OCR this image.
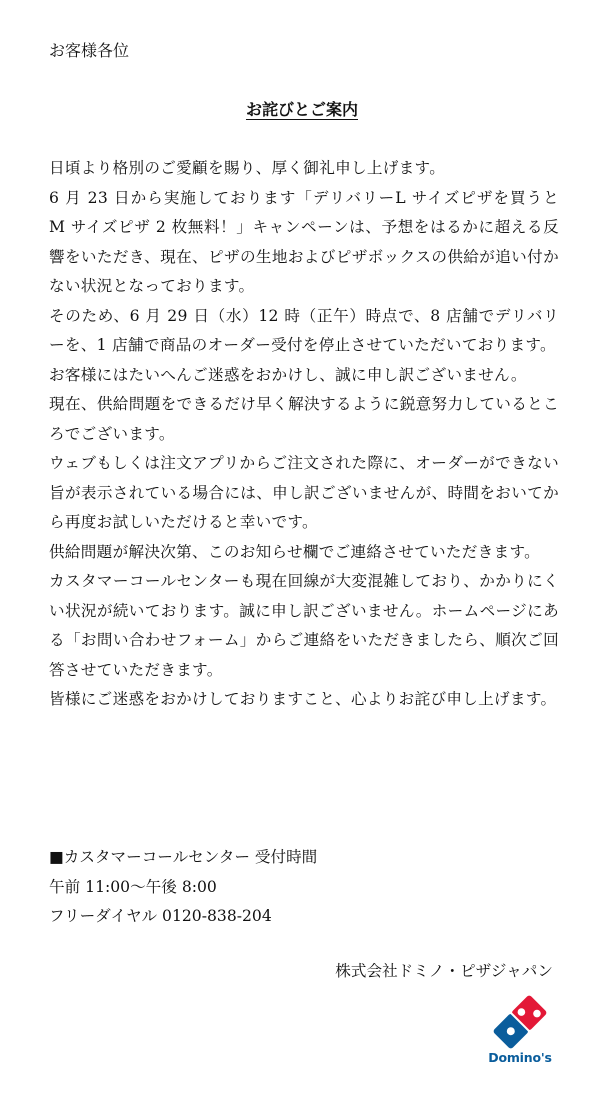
お客様各位

お詫びとご案内

日頃より格別のご愛顧を賜り、厚く御礼申し上げます。

6 月 23 日から実施しております「デリバリーL サイズピザを買うと M サイズピザ 2 枚無料！」キャンペーンは、予想をはるかに超える反響をいただき、現在、ピザの生地およびピザボックスの供給が追い付かない状況となっております。

そのため、6 月 29 日（水）12 時（正午）時点で、8 店舗でデリバリーを、1 店舗で商品のオーダー受付を停止させていただいております。

お客様にはたいへんご迷惑をおかけし、誠に申し訳ございません。

現在、供給問題をできるだけ早く解決するように鋭意努力しているところでございます。

ウェブもしくは注文アプリからご注文された際に、オーダーができない旨が表示されている場合には、申し訳ございませんが、時間をおいてから再度お試しいただけると幸いです。

供給問題が解決次第、このお知らせ欄でご連絡させていただきます。

カスタマーコールセンターも現在回線が大変混雑しており、かかりにくい状況が続いております。誠に申し訳ございません。ホームページにある「お問い合わせフォーム」からご連絡をいただきましたら、順次ご回答させていただきます。

皆様にご迷惑をおかけしておりますこと、心よりお詫び申し上げます。

■カスタマーコールセンター 受付時間

午前 11:00〜午後 8:00

フリーダイヤル 0120-838-204

株式会社ドミノ・ピザジャパン

Domino's
